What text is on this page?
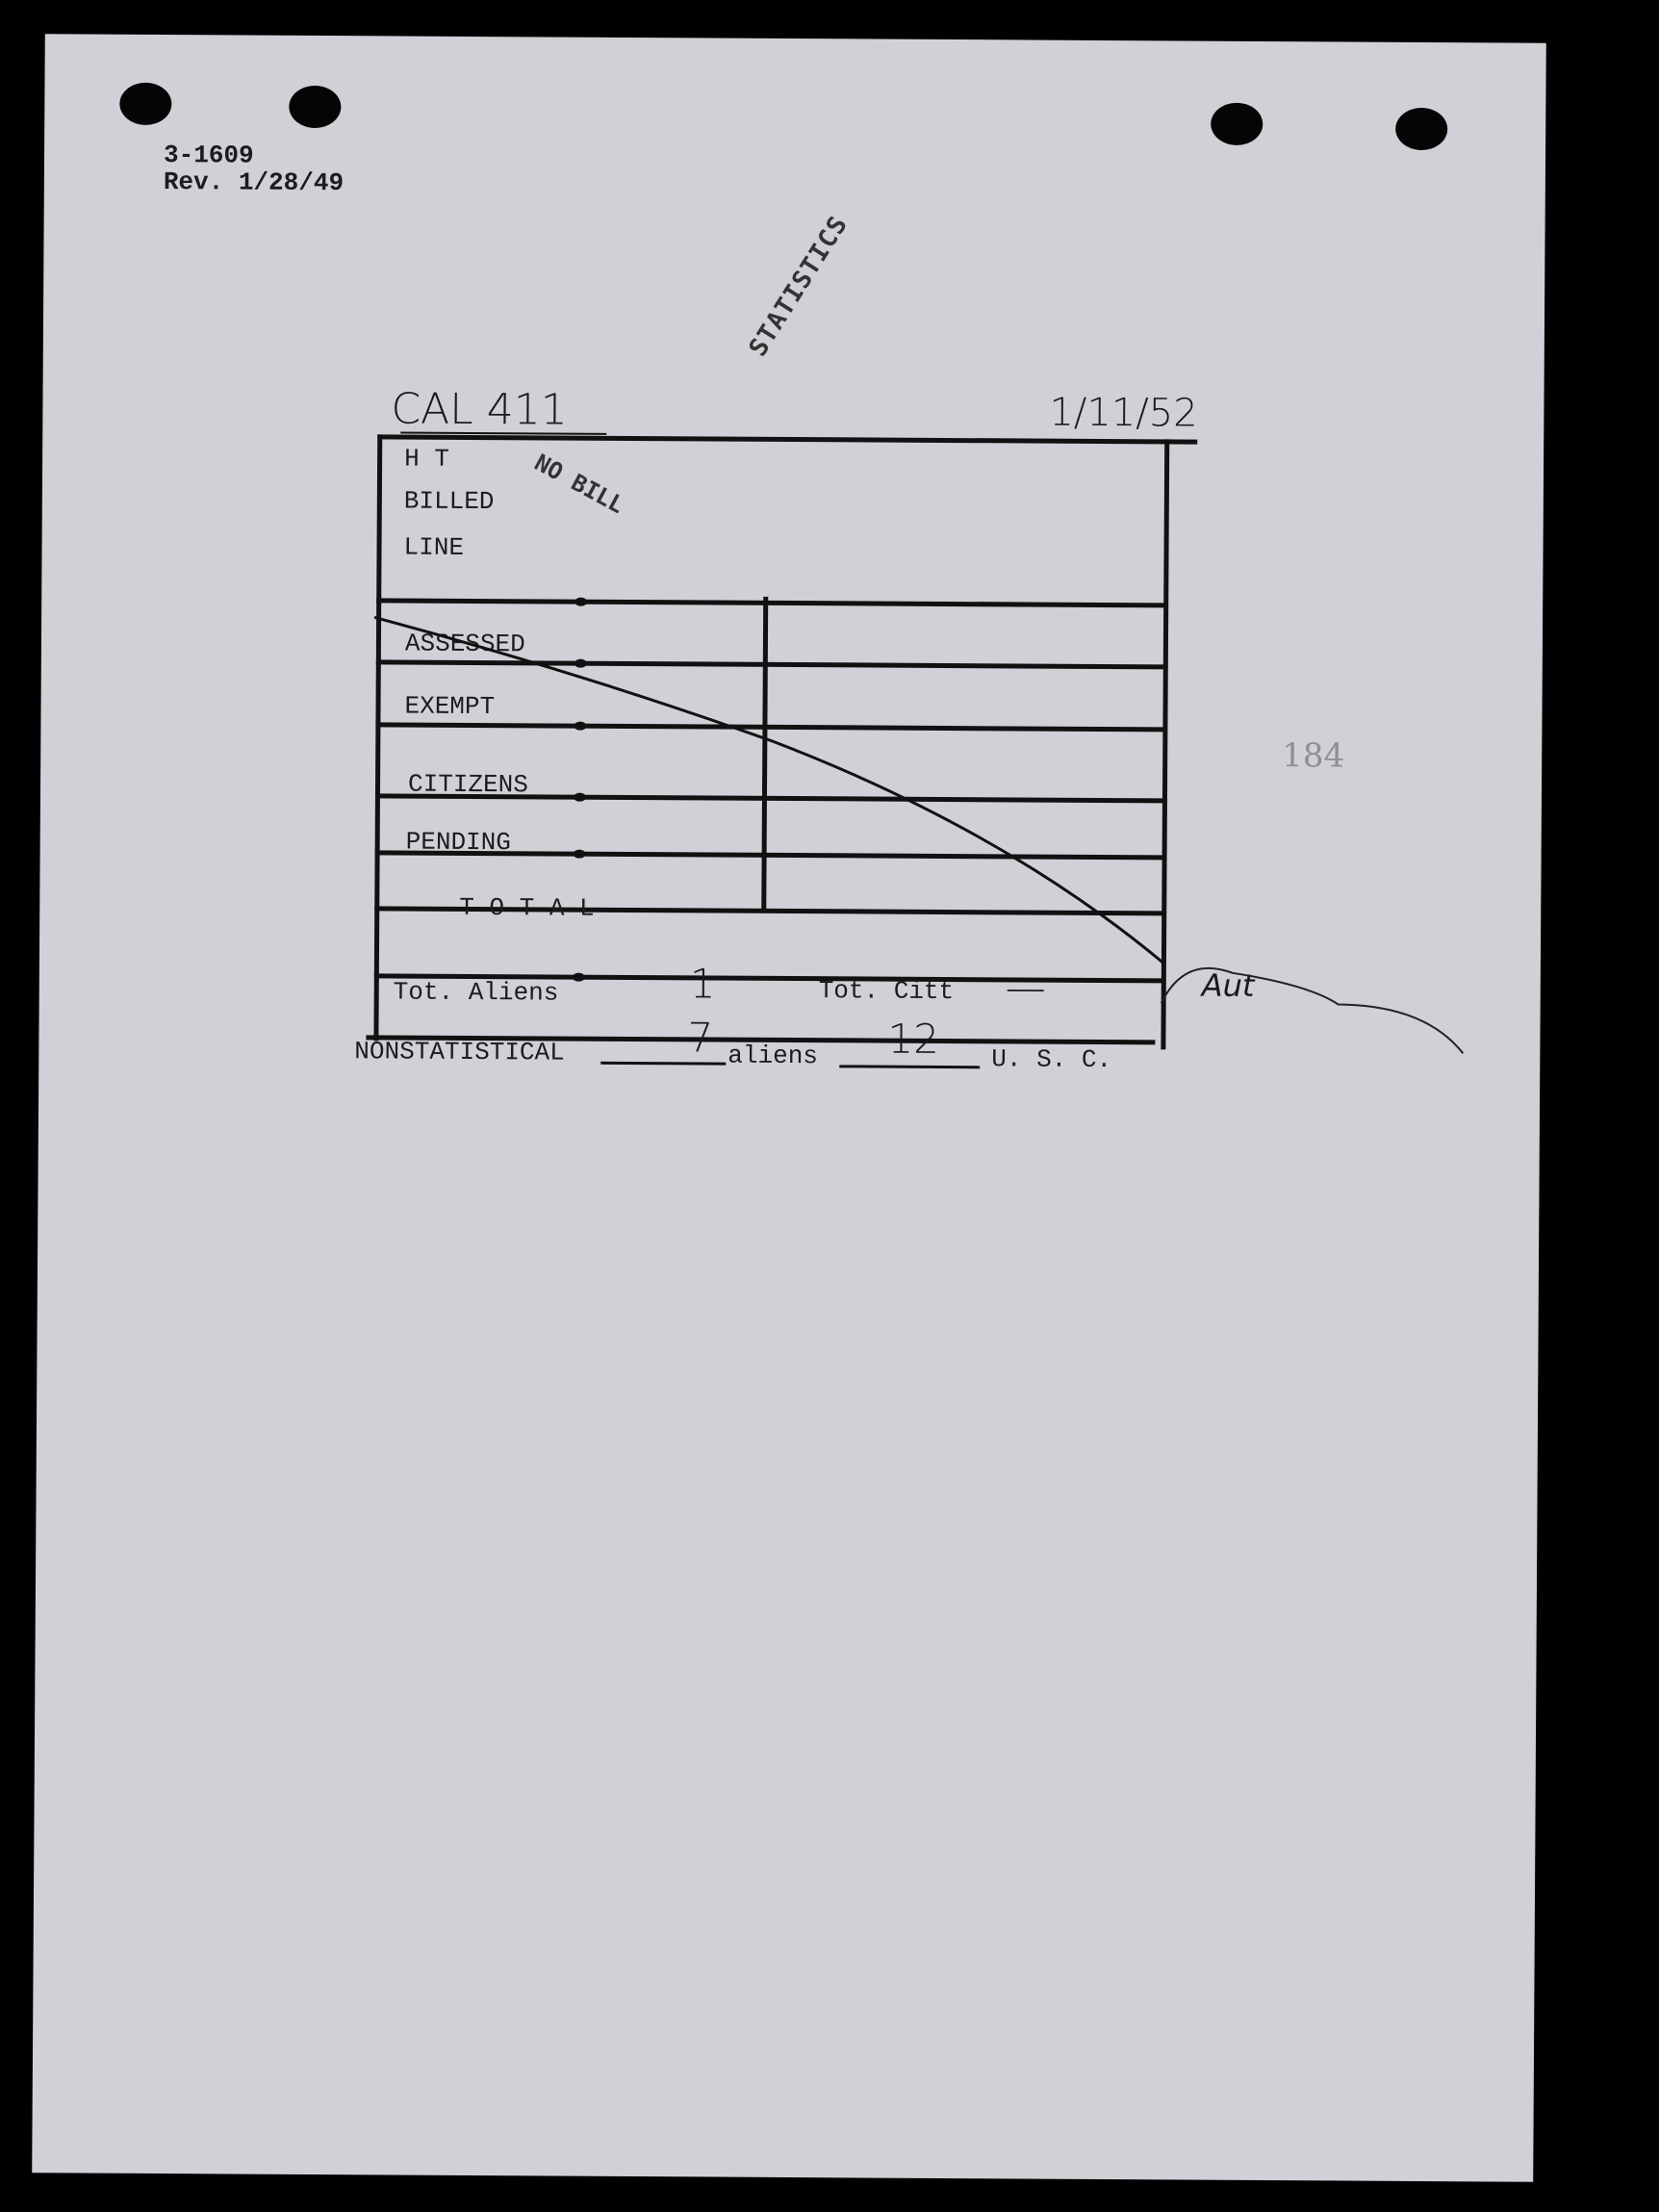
3-1609
Rev. 1/28/49
STATISTICS
CAL 411	1/11/52
H T
BILLED
LINE
NO BILL
ASSESSED
EXEMPT
CITIZENS
PENDING
T O T A L
Tot. Aliens	1	Tot. Citt —	Aut
NONSTATISTICAL	7 aliens 12 U. S. C.
184
